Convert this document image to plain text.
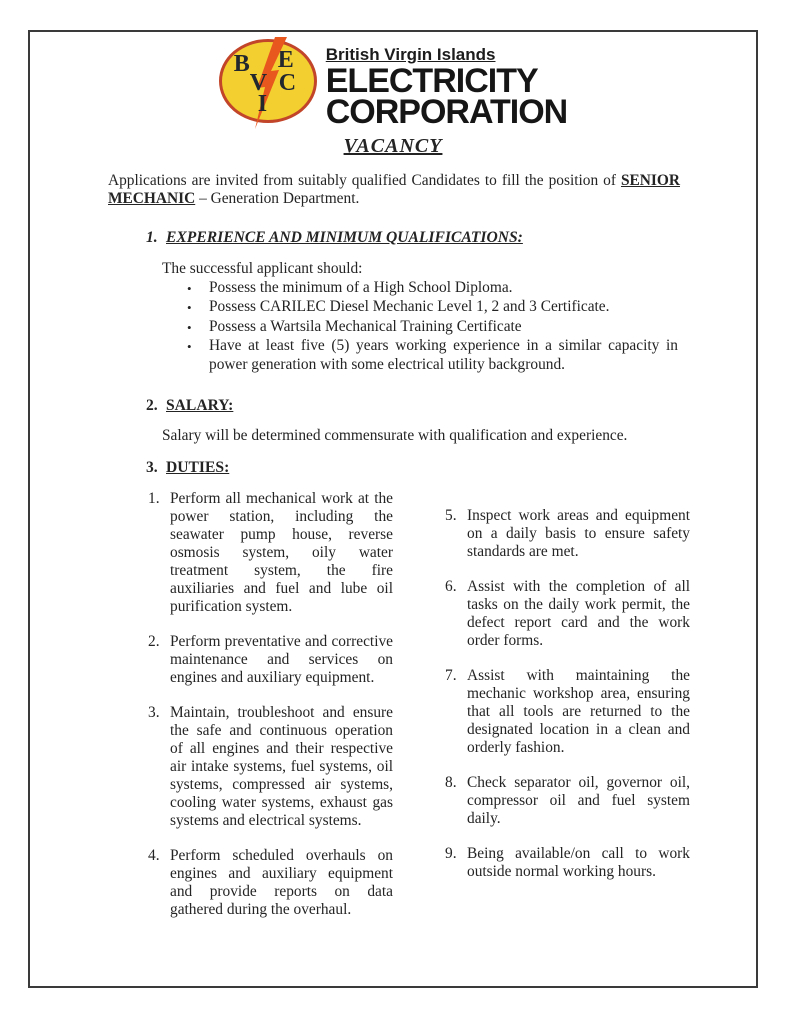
B E
V C
I
British Virgin Islands
ELECTRICITY
CORPORATION
VACANCY

Applications are invited from suitably qualified Candidates to fill the position of SENIOR MECHANIC – Generation Department.

1. EXPERIENCE AND MINIMUM QUALIFICATIONS:
The successful applicant should:
•	Possess the minimum of a High School Diploma.
•	Possess CARILEC Diesel Mechanic Level 1, 2 and 3 Certificate.
•	Possess a Wartsila Mechanical Training Certificate
•	Have at least five (5) years working experience in a similar capacity in power generation with some electrical utility background.
2. SALARY:
Salary will be determined commensurate with qualification and experience.
3. DUTIES:
1. Perform all mechanical work at the power station, including the seawater pump house, reverse osmosis system, oily water treatment system, the fire auxiliaries and fuel and lube oil purification system.

2. Perform preventative and corrective maintenance and services on engines and auxiliary equipment.

3. Maintain, troubleshoot and ensure the safe and continuous operation of all engines and their respective air intake systems, fuel systems, oil systems, compressed air systems, cooling water systems, exhaust gas systems and electrical systems.

4. Perform scheduled overhauls on engines and auxiliary equipment and provide reports on data gathered during the overhaul.

5. Inspect work areas and equipment on a daily basis to ensure safety standards are met.

6. Assist with the completion of all tasks on the daily work permit, the defect report card and the work order forms.

7. Assist with maintaining the mechanic workshop area, ensuring that all tools are returned to the designated location in a clean and orderly fashion.

8. Check separator oil, governor oil, compressor oil and fuel system daily.

9. Being available/on call to work outside normal working hours.
